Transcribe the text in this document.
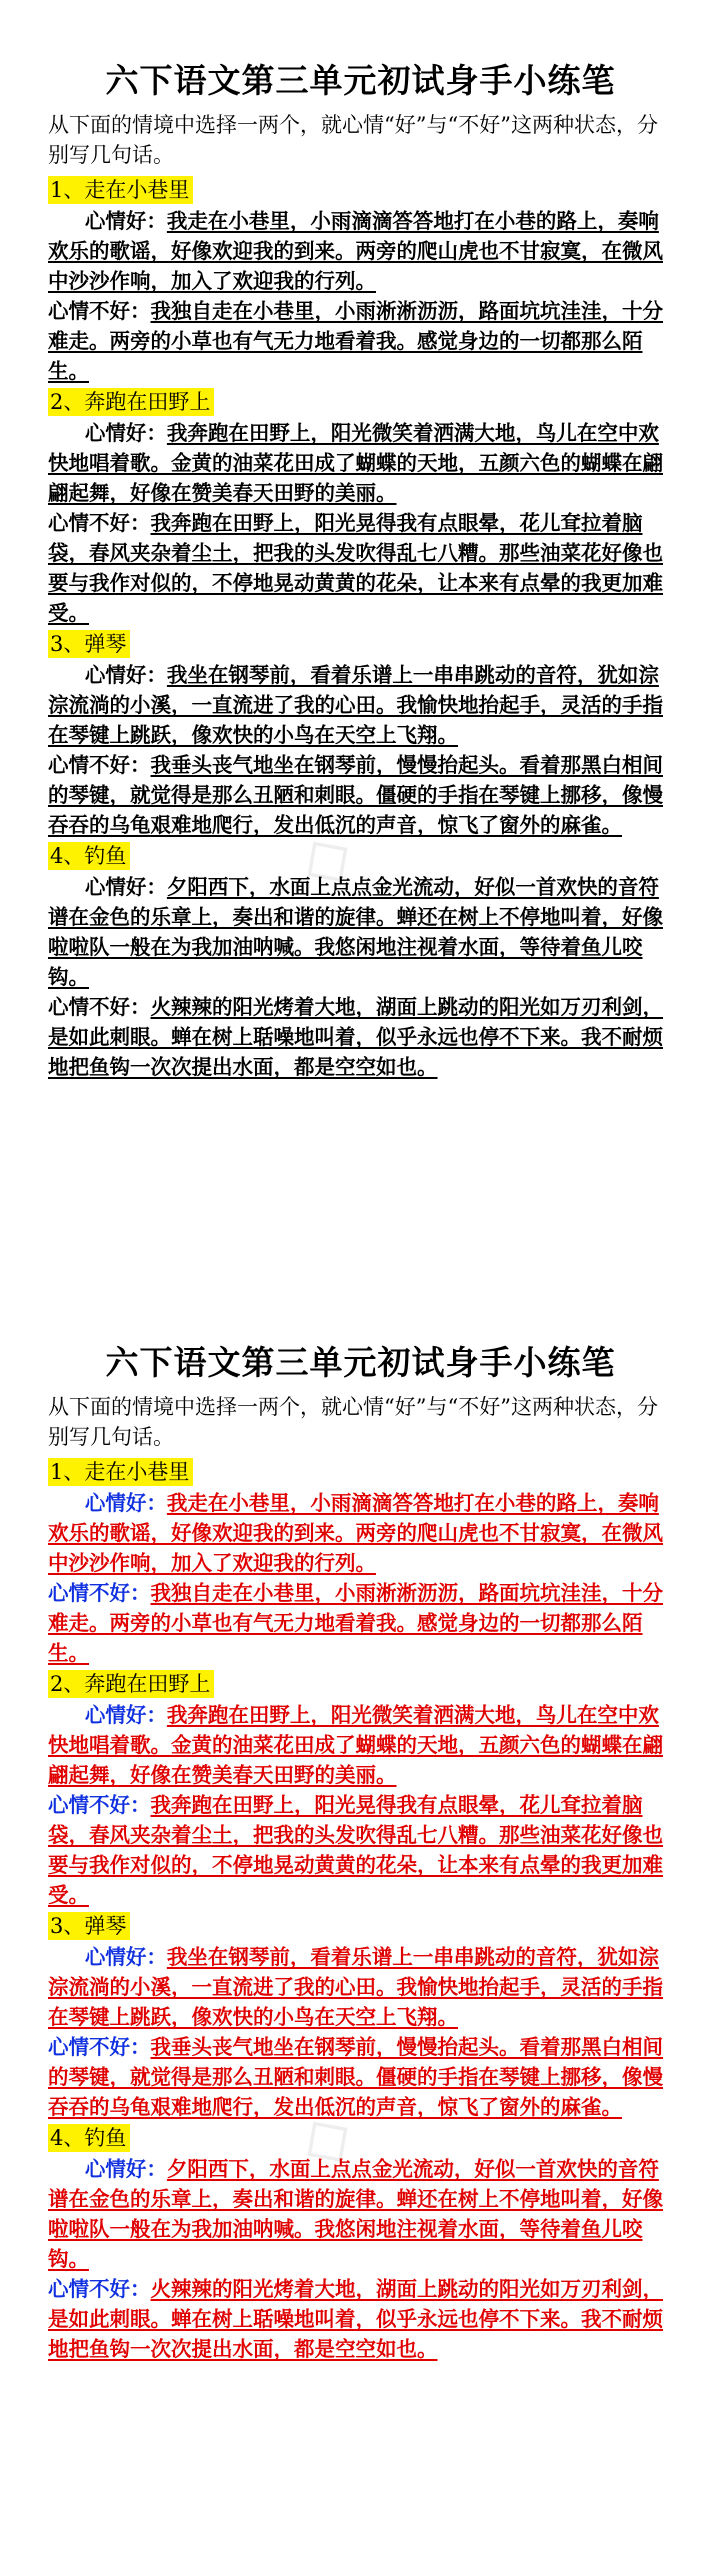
◇
◇
六下语文第三单元初试身手小练笔

从下面的情境中选择一两个，就心情“好”与“不好”这两种状态，分别写几句话。

1、走在小巷里

心情好：我走在小巷里，小雨滴滴答答地打在小巷的路上，奏响欢乐的歌谣，好像欢迎我的到来。两旁的爬山虎也不甘寂寞，在微风中沙沙作响，加入了欢迎我的行列。

心情不好：我独自走在小巷里，小雨淅淅沥沥，路面坑坑洼洼，十分难走。两旁的小草也有气无力地看着我。感觉身边的一切都那么陌生。

2、奔跑在田野上

心情好：我奔跑在田野上，阳光微笑着洒满大地，鸟儿在空中欢快地唱着歌。金黄的油菜花田成了蝴蝶的天地，五颜六色的蝴蝶在翩翩起舞，好像在赞美春天田野的美丽。

心情不好：我奔跑在田野上，阳光晃得我有点眼晕，花儿耷拉着脑袋，春风夹杂着尘土，把我的头发吹得乱七八糟。那些油菜花好像也要与我作对似的，不停地晃动黄黄的花朵，让本来有点晕的我更加难受。

3、弹琴

心情好：我坐在钢琴前，看着乐谱上一串串跳动的音符，犹如淙淙流淌的小溪，一直流进了我的心田。我愉快地抬起手，灵活的手指在琴键上跳跃，像欢快的小鸟在天空上飞翔。

心情不好：我垂头丧气地坐在钢琴前，慢慢抬起头。看着那黑白相间的琴键，就觉得是那么丑陋和刺眼。僵硬的手指在琴键上挪移，像慢吞吞的乌龟艰难地爬行，发出低沉的声音，惊飞了窗外的麻雀。

4、钓鱼

心情好：夕阳西下，水面上点点金光流动，好似一首欢快的音符谱在金色的乐章上，奏出和谐的旋律。蝉还在树上不停地叫着，好像啦啦队一般在为我加油呐喊。我悠闲地注视着水面，等待着鱼儿咬钩。

心情不好：火辣辣的阳光烤着大地，湖面上跳动的阳光如万刃利剑，是如此刺眼。蝉在树上聒噪地叫着，似乎永远也停不下来。我不耐烦地把鱼钩一次次提出水面，都是空空如也。

六下语文第三单元初试身手小练笔

从下面的情境中选择一两个，就心情“好”与“不好”这两种状态，分别写几句话。

1、走在小巷里

心情好：我走在小巷里，小雨滴滴答答地打在小巷的路上，奏响欢乐的歌谣，好像欢迎我的到来。两旁的爬山虎也不甘寂寞，在微风中沙沙作响，加入了欢迎我的行列。

心情不好：我独自走在小巷里，小雨淅淅沥沥，路面坑坑洼洼，十分难走。两旁的小草也有气无力地看着我。感觉身边的一切都那么陌生。

2、奔跑在田野上

心情好：我奔跑在田野上，阳光微笑着洒满大地，鸟儿在空中欢快地唱着歌。金黄的油菜花田成了蝴蝶的天地，五颜六色的蝴蝶在翩翩起舞，好像在赞美春天田野的美丽。

心情不好：我奔跑在田野上，阳光晃得我有点眼晕，花儿耷拉着脑袋，春风夹杂着尘土，把我的头发吹得乱七八糟。那些油菜花好像也要与我作对似的，不停地晃动黄黄的花朵，让本来有点晕的我更加难受。

3、弹琴

心情好：我坐在钢琴前，看着乐谱上一串串跳动的音符，犹如淙淙流淌的小溪，一直流进了我的心田。我愉快地抬起手，灵活的手指在琴键上跳跃，像欢快的小鸟在天空上飞翔。

心情不好：我垂头丧气地坐在钢琴前，慢慢抬起头。看着那黑白相间的琴键，就觉得是那么丑陋和刺眼。僵硬的手指在琴键上挪移，像慢吞吞的乌龟艰难地爬行，发出低沉的声音，惊飞了窗外的麻雀。

4、钓鱼

心情好：夕阳西下，水面上点点金光流动，好似一首欢快的音符谱在金色的乐章上，奏出和谐的旋律。蝉还在树上不停地叫着，好像啦啦队一般在为我加油呐喊。我悠闲地注视着水面，等待着鱼儿咬钩。

心情不好：火辣辣的阳光烤着大地，湖面上跳动的阳光如万刃利剑，是如此刺眼。蝉在树上聒噪地叫着，似乎永远也停不下来。我不耐烦地把鱼钩一次次提出水面，都是空空如也。
